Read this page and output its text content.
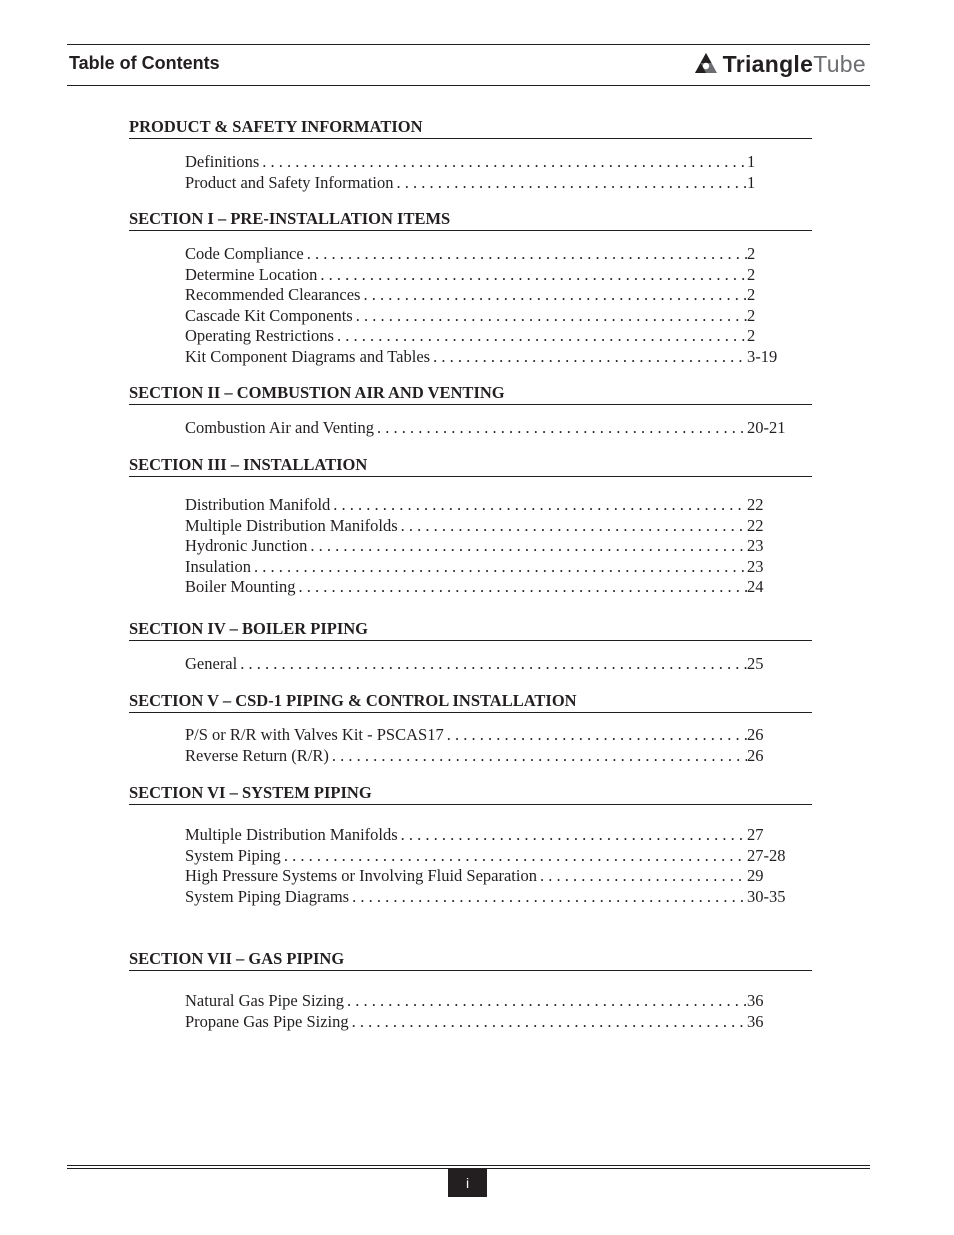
Table of Contents	TriangleTube
PRODUCT & SAFETY INFORMATION
Definitions . . .	1
Product and Safety Information . . .	1
SECTION I – PRE-INSTALLATION ITEMS
Code Compliance . . .	2
Determine Location . . .	2
Recommended Clearances . . .	2
Cascade Kit Components . . .	2
Operating Restrictions . . .	2
Kit Component Diagrams and Tables . . .	3-19
SECTION II – COMBUSTION AIR AND VENTING
Combustion Air and Venting . . .	20-21
SECTION III – INSTALLATION
Distribution Manifold . . .	22
Multiple Distribution Manifolds . . .	22
Hydronic Junction . . .	23
Insulation . . .	23
Boiler Mounting . . .	24
SECTION IV – BOILER PIPING
General . . .	25
SECTION V – CSD-1 PIPING & CONTROL INSTALLATION
P/S or R/R with Valves Kit - PSCAS17 . . .	26
Reverse Return (R/R) . . .	26
SECTION VI – SYSTEM PIPING
Multiple Distribution Manifolds . . .	27
System Piping . . .	27-28
High Pressure Systems or Involving Fluid Separation . . .	29
System Piping Diagrams . . .	30-35
SECTION VII – GAS PIPING
Natural Gas Pipe Sizing . . .	36
Propane Gas Pipe Sizing . . .	36
i
